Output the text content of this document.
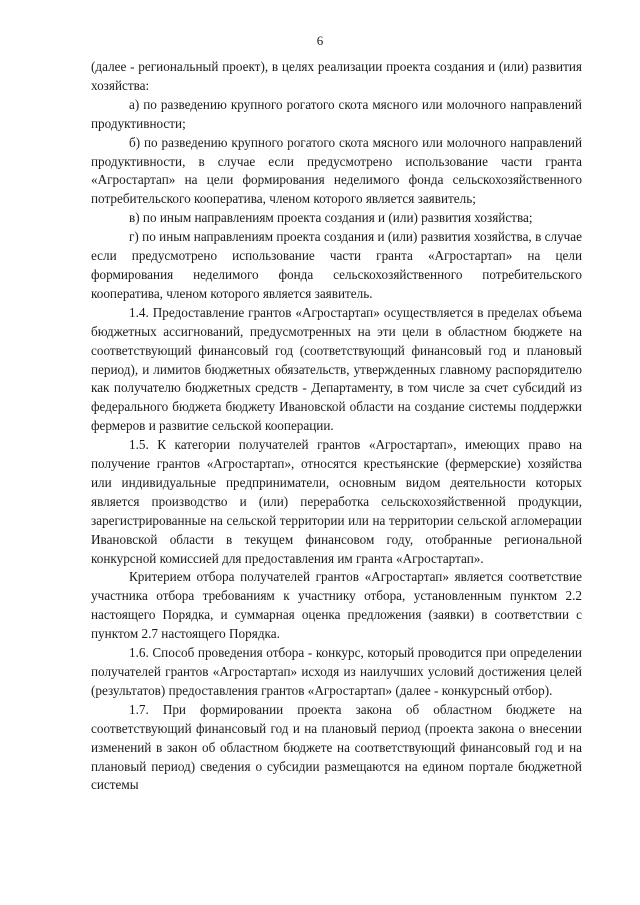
6

(далее - региональный проект), в целях реализации проекта создания и (или) развития хозяйства:

а) по разведению крупного рогатого скота мясного или молочного направлений продуктивности;

б) по разведению крупного рогатого скота мясного или молочного направлений продуктивности, в случае если предусмотрено использование части гранта «Агростартап» на цели формирования неделимого фонда сельскохозяйственного потребительского кооператива, членом которого является заявитель;

в) по иным направлениям проекта создания и (или) развития хозяйства;

г) по иным направлениям проекта создания и (или) развития хозяйства, в случае если предусмотрено использование части гранта «Агростартап» на цели формирования неделимого фонда сельскохозяйственного потребительского кооператива, членом которого является заявитель.

1.4. Предоставление грантов «Агростартап» осуществляется в пределах объема бюджетных ассигнований, предусмотренных на эти цели в областном бюджете на соответствующий финансовый год (соответствующий финансовый год и плановый период), и лимитов бюджетных обязательств, утвержденных главному распорядителю как получателю бюджетных средств - Департаменту, в том числе за счет субсидий из федерального бюджета бюджету Ивановской области на создание системы поддержки фермеров и развитие сельской кооперации.

1.5. К категории получателей грантов «Агростартап», имеющих право на получение грантов «Агростартап», относятся крестьянские (фермерские) хозяйства или индивидуальные предприниматели, основным видом деятельности которых является производство и (или) переработка сельскохозяйственной продукции, зарегистрированные на сельской территории или на территории сельской агломерации Ивановской области в текущем финансовом году, отобранные региональной конкурсной комиссией для предоставления им гранта «Агростартап».

Критерием отбора получателей грантов «Агростартап» является соответствие участника отбора требованиям к участнику отбора, установленным пунктом 2.2 настоящего Порядка, и суммарная оценка предложения (заявки) в соответствии с пунктом 2.7 настоящего Порядка.

1.6. Способ проведения отбора - конкурс, который проводится при определении получателей грантов «Агростартап» исходя из наилучших условий достижения целей (результатов) предоставления грантов «Агростартап» (далее - конкурсный отбор).

1.7. При формировании проекта закона об областном бюджете на соответствующий финансовый год и на плановый период (проекта закона о внесении изменений в закон об областном бюджете на соответствующий финансовый год и на плановый период) сведения о субсидии размещаются на едином портале бюджетной системы
